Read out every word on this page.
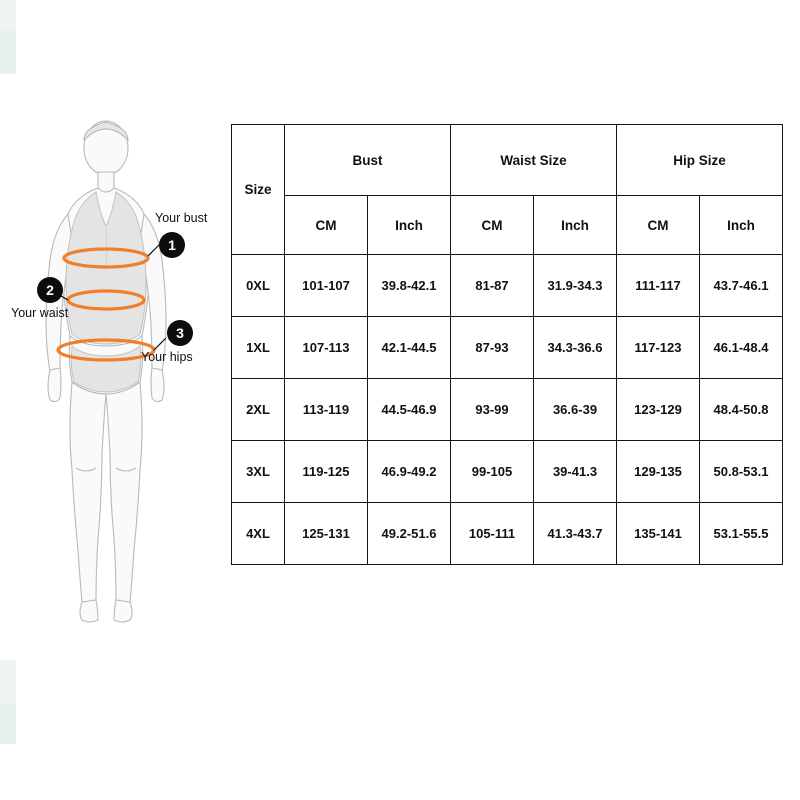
1
Your bust
2
Your waist
3
Your hips
Size	Bust		Waist Size		Hip Size	
	CM	Inch	CM	Inch	CM	Inch
0XL	101-107	39.8-42.1	81-87	31.9-34.3	111-117	43.7-46.1
1XL	107-113	42.1-44.5	87-93	34.3-36.6	117-123	46.1-48.4
2XL	113-119	44.5-46.9	93-99	36.6-39	123-129	48.4-50.8
3XL	119-125	46.9-49.2	99-105	39-41.3	129-135	50.8-53.1
4XL	125-131	49.2-51.6	105-111	41.3-43.7	135-141	53.1-55.5
